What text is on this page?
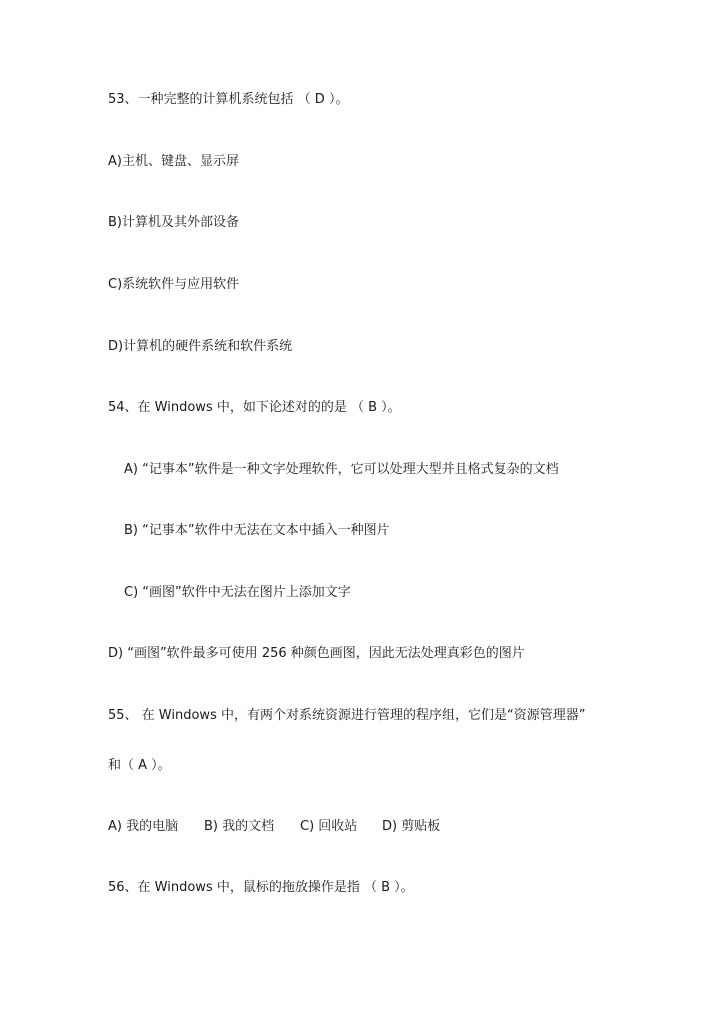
53、一种完整的计算机系统包括 （ D ）。
A)主机、键盘、显示屏
B)计算机及其外部设备
C)系统软件与应用软件
D)计算机的硬件系统和软件系统
54、在 Windows 中，如下论述对的的是 （ B ）。
A) “记事本”软件是一种文字处理软件，它可以处理大型并且格式复杂的文档
B) “记事本”软件中无法在文本中插入一种图片
C) “画图”软件中无法在图片上添加文字
D) “画图”软件最多可使用 256 种颜色画图，因此无法处理真彩色的图片
55、 在 Windows 中，有两个对系统资源进行管理的程序组，它们是“资源管理器”
和（ A ）。
A) 我的电脑 B) 我的文档 C) 回收站 D) 剪贴板
56、在 Windows 中，鼠标的拖放操作是指 （ B ）。
